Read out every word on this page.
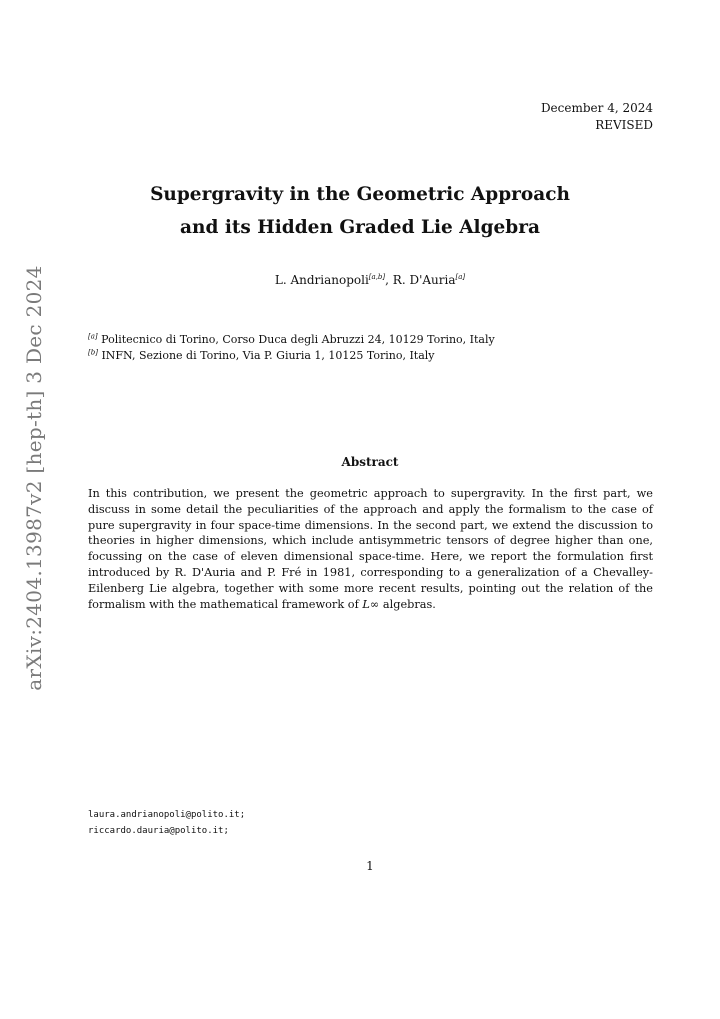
December 4, 2024
REVISED
Supergravity in the Geometric Approach
and its Hidden Graded Lie Algebra
L. Andrianopoli[a,b], R. D'Auria[a]
[a] Politecnico di Torino, Corso Duca degli Abruzzi 24, 10129 Torino, Italy
[b] INFN, Sezione di Torino, Via P. Giuria 1, 10125 Torino, Italy
arXiv:2404.13987v2 [hep-th] 3 Dec 2024	Abstract
In this contribution, we present the geometric approach to supergravity. In the first part, we discuss in some detail the peculiarities of the approach and apply the formalism to the case of pure supergravity in four space-time dimensions. In the second part, we extend the discussion to theories in higher dimensions, which include antisymmetric tensors of degree higher than one, focussing on the case of eleven dimensional space-time. Here, we report the formulation first introduced by R. D'Auria and P. Fré in 1981, corresponding to a generalization of a Chevalley-Eilenberg Lie algebra, together with some more recent results, pointing out the relation of the formalism with the mathematical framework of L∞ algebras.
laura.andrianopoli@polito.it;
riccardo.dauria@polito.it;
1
